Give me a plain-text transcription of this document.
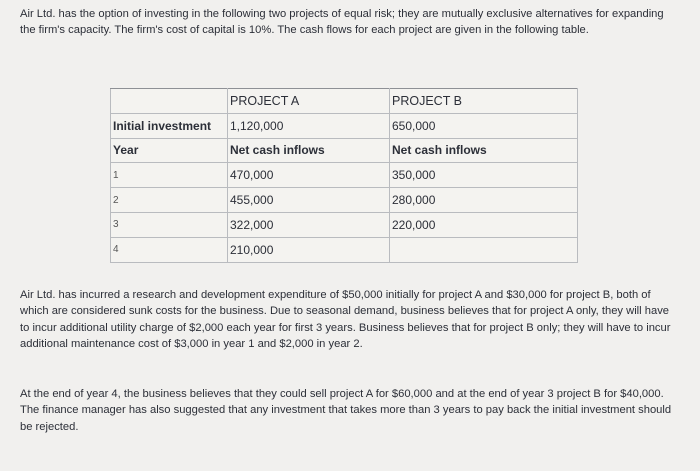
Air Ltd. has the option of investing in the following two projects of equal risk; they are mutually exclusive alternatives for expanding the firm's capacity. The firm's cost of capital is 10%. The cash flows for each project are given in the following table.

	PROJECT A	PROJECT B
Initial investment	1,120,000	650,000
Year	Net cash inflows	Net cash inflows
1	470,000	350,000
2	455,000	280,000
3	322,000	220,000
4	210,000	

Air Ltd. has incurred a research and development expenditure of $50,000 initially for project A and $30,000 for project B, both of which are considered sunk costs for the business. Due to seasonal demand, business believes that for project A only, they will have to incur additional utility charge of $2,000 each year for first 3 years. Business believes that for project B only; they will have to incur additional maintenance cost of $3,000 in year 1 and $2,000 in year 2.

At the end of year 4, the business believes that they could sell project A for $60,000 and at the end of year 3 project B for $40,000. The finance manager has also suggested that any investment that takes more than 3 years to pay back the initial investment should be rejected.
